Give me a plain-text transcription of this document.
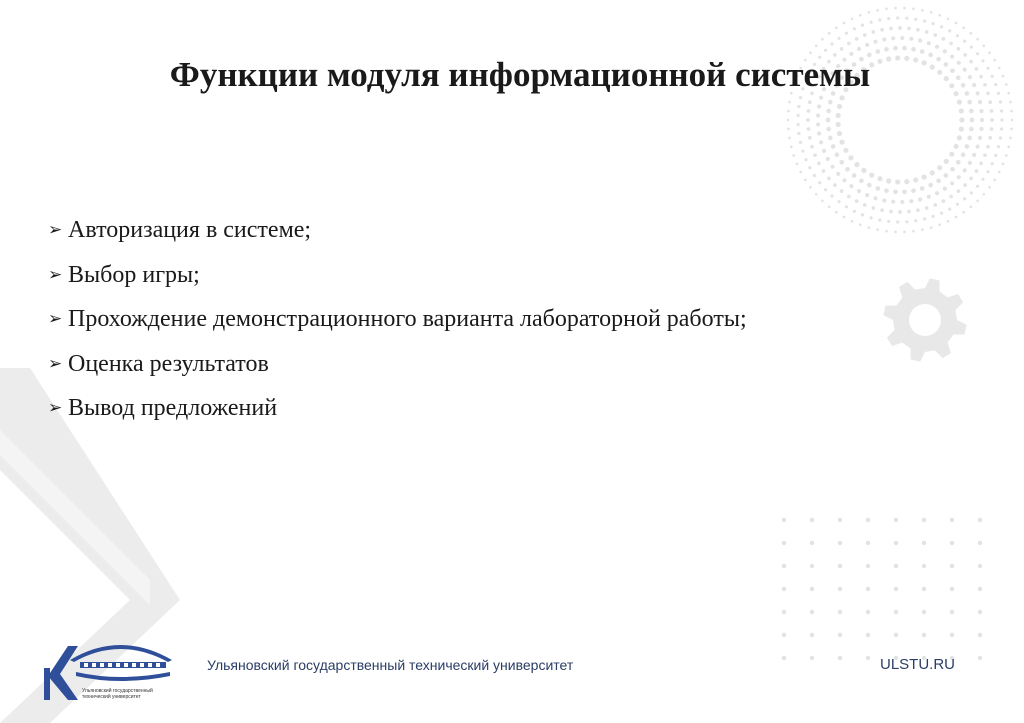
Функции модуля информационной системы
➢ Авторизация в системе;
➢ Выбор игры;
➢ Прохождение демонстрационного варианта лабораторной работы;
➢ Оценка результатов
➢ Вывод предложений
Ульяновский государственный технический университет
Ульяновский государственный технический университет	ULSTU.RU
